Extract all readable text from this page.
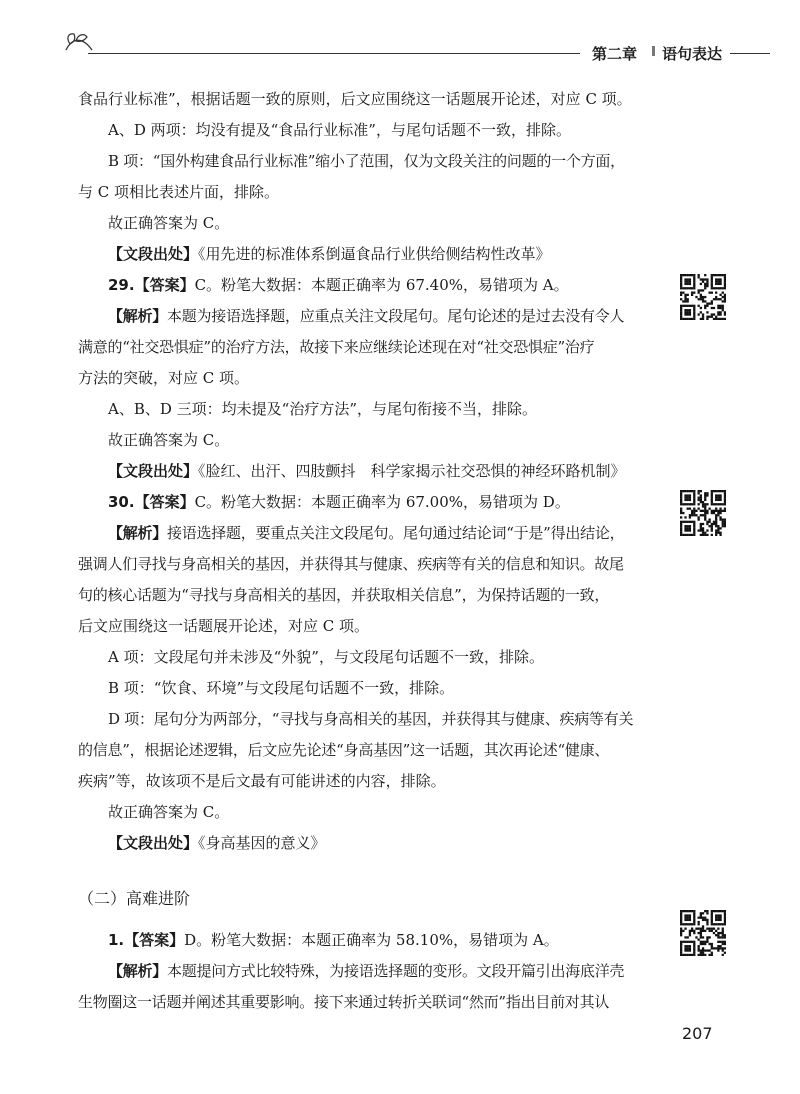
第二章 语句表达
食品行业标准”，根据话题一致的原则，后文应围绕这一话题展开论述，对应 C 项。
A、D 两项：均没有提及“食品行业标准”，与尾句话题不一致，排除。
B 项：“国外构建食品行业标准”缩小了范围，仅为文段关注的问题的一个方面，
与 C 项相比表述片面，排除。
故正确答案为 C。
【文段出处】《用先进的标准体系倒逼食品行业供给侧结构性改革》
29.【答案】C。粉笔大数据：本题正确率为 67.40%，易错项为 A。
【解析】本题为接语选择题，应重点关注文段尾句。尾句论述的是过去没有令人
满意的“社交恐惧症”的治疗方法，故接下来应继续论述现在对“社交恐惧症”治疗
方法的突破，对应 C 项。
A、B、D 三项：均未提及“治疗方法”，与尾句衔接不当，排除。
故正确答案为 C。
【文段出处】《脸红、出汗、四肢颤抖　科学家揭示社交恐惧的神经环路机制》
30.【答案】C。粉笔大数据：本题正确率为 67.00%，易错项为 D。
【解析】接语选择题，要重点关注文段尾句。尾句通过结论词“于是”得出结论，
强调人们寻找与身高相关的基因，并获得其与健康、疾病等有关的信息和知识。故尾
句的核心话题为“寻找与身高相关的基因，并获取相关信息”，为保持话题的一致，
后文应围绕这一话题展开论述，对应 C 项。
A 项：文段尾句并未涉及“外貌”，与文段尾句话题不一致，排除。
B 项：“饮食、环境”与文段尾句话题不一致，排除。
D 项：尾句分为两部分，“寻找与身高相关的基因，并获得其与健康、疾病等有关
的信息”，根据论述逻辑，后文应先论述“身高基因”这一话题，其次再论述“健康、
疾病”等，故该项不是后文最有可能讲述的内容，排除。
故正确答案为 C。
【文段出处】《身高基因的意义》
（二）高难进阶
1.【答案】D。粉笔大数据：本题正确率为 58.10%，易错项为 A。
【解析】本题提问方式比较特殊，为接语选择题的变形。文段开篇引出海底洋壳
生物圈这一话题并阐述其重要影响。接下来通过转折关联词“然而”指出目前对其认
207
